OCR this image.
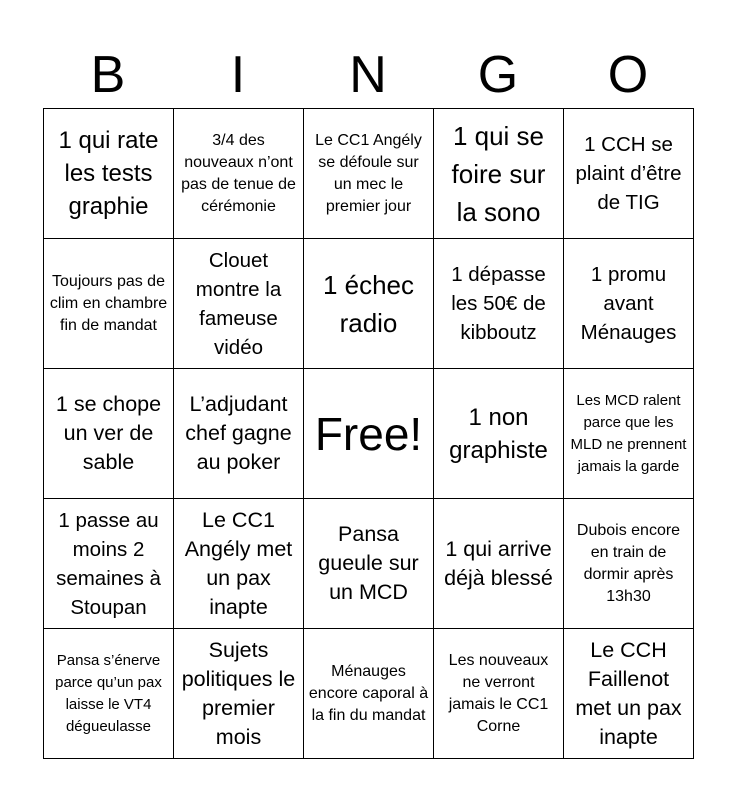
B	I	N	G	O
1 qui rate les tests graphie	3/4 des nouveaux n’ont pas de tenue de cérémonie	Le CC1 Angély se défoule sur un mec le premier jour	1 qui se foire sur la sono	1 CCH se plaint d’être de TIG
Toujours pas de clim en chambre fin de mandat	Clouet montre la fameuse vidéo	1 échec radio	1 dépasse les 50€ de kibboutz	1 promu avant Ménauges
1 se chope un ver de sable	L’adjudant chef gagne au poker	Free!	1 non graphiste	Les MCD ralent parce que les MLD ne prennent jamais la garde
1 passe au moins 2 semaines à Stoupan	Le CC1 Angély met un pax inapte	Pansa gueule sur un MCD	1 qui arrive déjà blessé	Dubois encore en train de dormir après 13h30
Pansa s’énerve parce qu’un pax laisse le VT4 dégueulasse	Sujets politiques le premier mois	Ménauges encore caporal à la fin du mandat	Les nouveaux ne verront jamais le CC1 Corne	Le CCH Faillenot met un pax inapte
